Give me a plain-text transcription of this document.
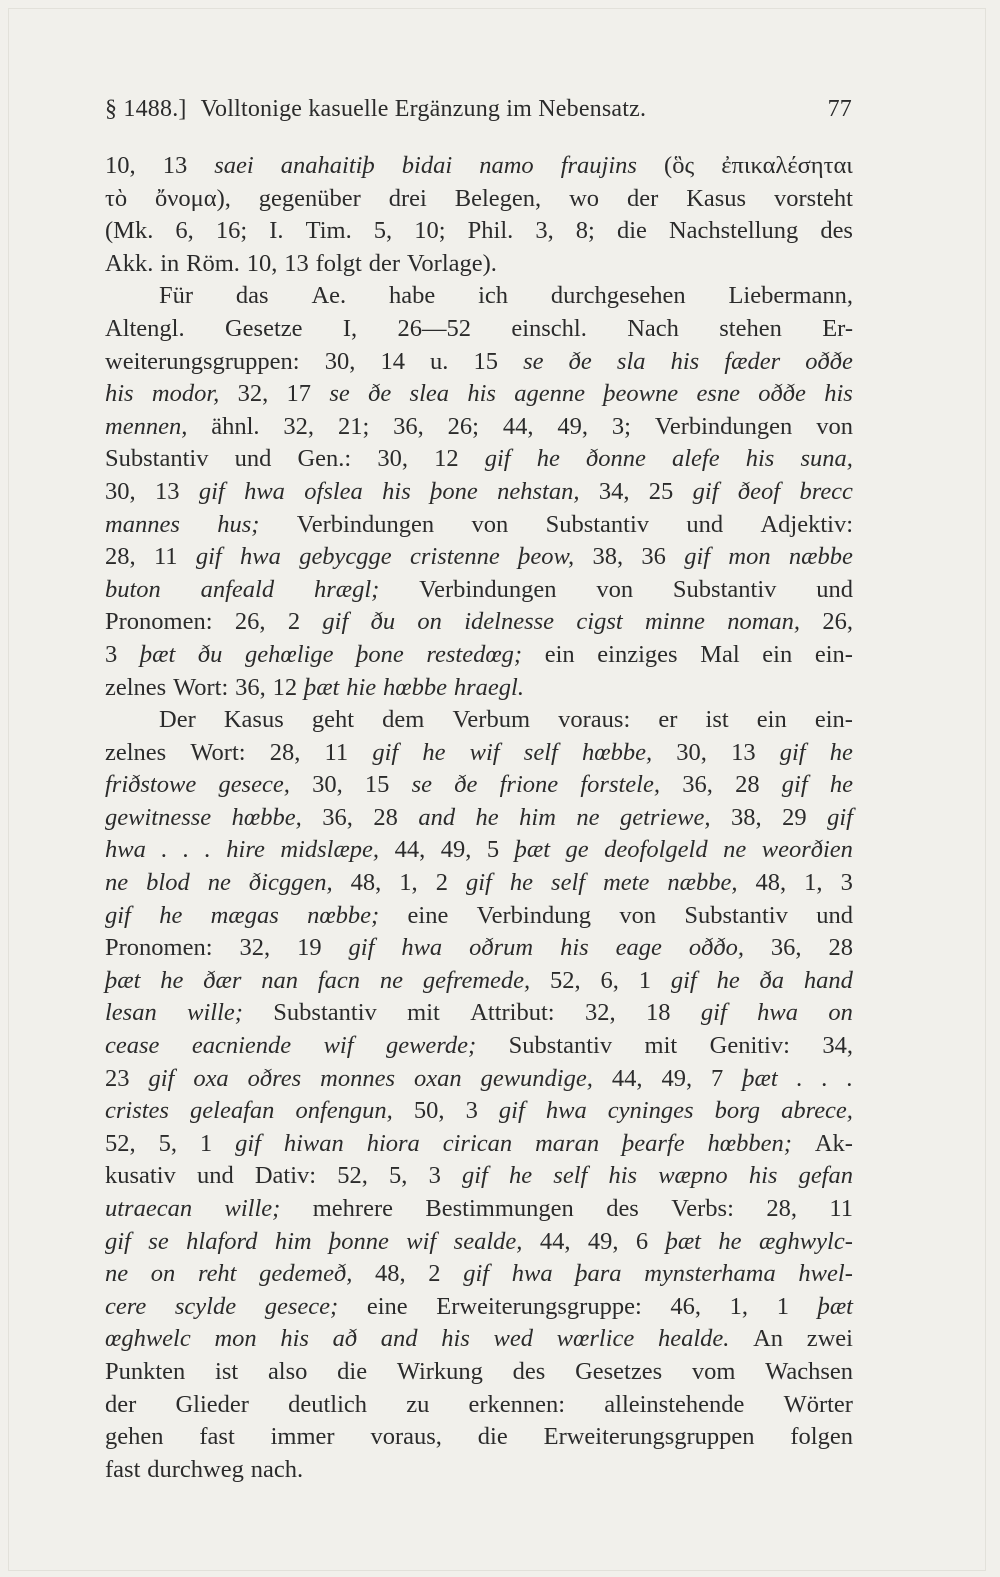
§ 1488.] Volltonige kasuelle Ergänzung im Nebensatz.	77
10, 13 saei anahaitiþ bidai namo fraujins (ὃς ἐπικαλέσηται
τὸ ὄνομα), gegenüber drei Belegen, wo der Kasus vorsteht
(Mk. 6, 16; I. Tim. 5, 10; Phil. 3, 8; die Nachstellung des
Akk. in Röm. 10, 13 folgt der Vorlage).
Für das Ae. habe ich durchgesehen Liebermann,
Altengl. Gesetze I, 26—52 einschl. Nach stehen Er-
weiterungsgruppen: 30, 14 u. 15 se ðe sla his fæder oððe
his modor, 32, 17 se ðe slea his agenne þeowne esne oððe his
mennen, ähnl. 32, 21; 36, 26; 44, 49, 3; Verbindungen von
Substantiv und Gen.: 30, 12 gif he ðonne alefe his suna,
30, 13 gif hwa ofslea his þone nehstan, 34, 25 gif ðeof brecc
mannes hus; Verbindungen von Substantiv und Adjektiv:
28, 11 gif hwa gebycgge cristenne þeow, 38, 36 gif mon næbbe
buton anfeald hrægl; Verbindungen von Substantiv und
Pronomen: 26, 2 gif ðu on idelnesse cigst minne noman, 26,
3 þæt ðu gehœlige þone restedœg; ein einziges Mal ein ein-
zelnes Wort: 36, 12 þæt hie hœbbe hraegl.
Der Kasus geht dem Verbum voraus: er ist ein ein-
zelnes Wort: 28, 11 gif he wif self hœbbe, 30, 13 gif he
friðstowe gesece, 30, 15 se ðe frione forstele, 36, 28 gif he
gewitnesse hœbbe, 36, 28 and he him ne getriewe, 38, 29 gif
hwa . . . hire midslæpe, 44, 49, 5 þæt ge deofolgeld ne weorðien
ne blod ne ðicggen, 48, 1, 2 gif he self mete næbbe, 48, 1, 3
gif he mægas nœbbe; eine Verbindung von Substantiv und
Pronomen: 32, 19 gif hwa oðrum his eage oððo, 36, 28
þæt he ðær nan facn ne gefremede, 52, 6, 1 gif he ða hand
lesan wille; Substantiv mit Attribut: 32, 18 gif hwa on
cease eacniende wif gewerde; Substantiv mit Genitiv: 34,
23 gif oxa oðres monnes oxan gewundige, 44, 49, 7 þæt . . .
cristes geleafan onfengun, 50, 3 gif hwa cyninges borg abrece,
52, 5, 1 gif hiwan hiora cirican maran þearfe hœbben; Ak-
kusativ und Dativ: 52, 5, 3 gif he self his wæpno his gefan
utraecan wille; mehrere Bestimmungen des Verbs: 28, 11
gif se hlaford him þonne wif sealde, 44, 49, 6 þæt he æghwylc-
ne on reht gedemeð, 48, 2 gif hwa þara mynsterhama hwel-
cere scylde gesece; eine Erweiterungsgruppe: 46, 1, 1 þæt
œghwelc mon his að and his wed wœrlice healde. An zwei
Punkten ist also die Wirkung des Gesetzes vom Wachsen
der Glieder deutlich zu erkennen: alleinstehende Wörter
gehen fast immer voraus, die Erweiterungsgruppen folgen
fast durchweg nach.
